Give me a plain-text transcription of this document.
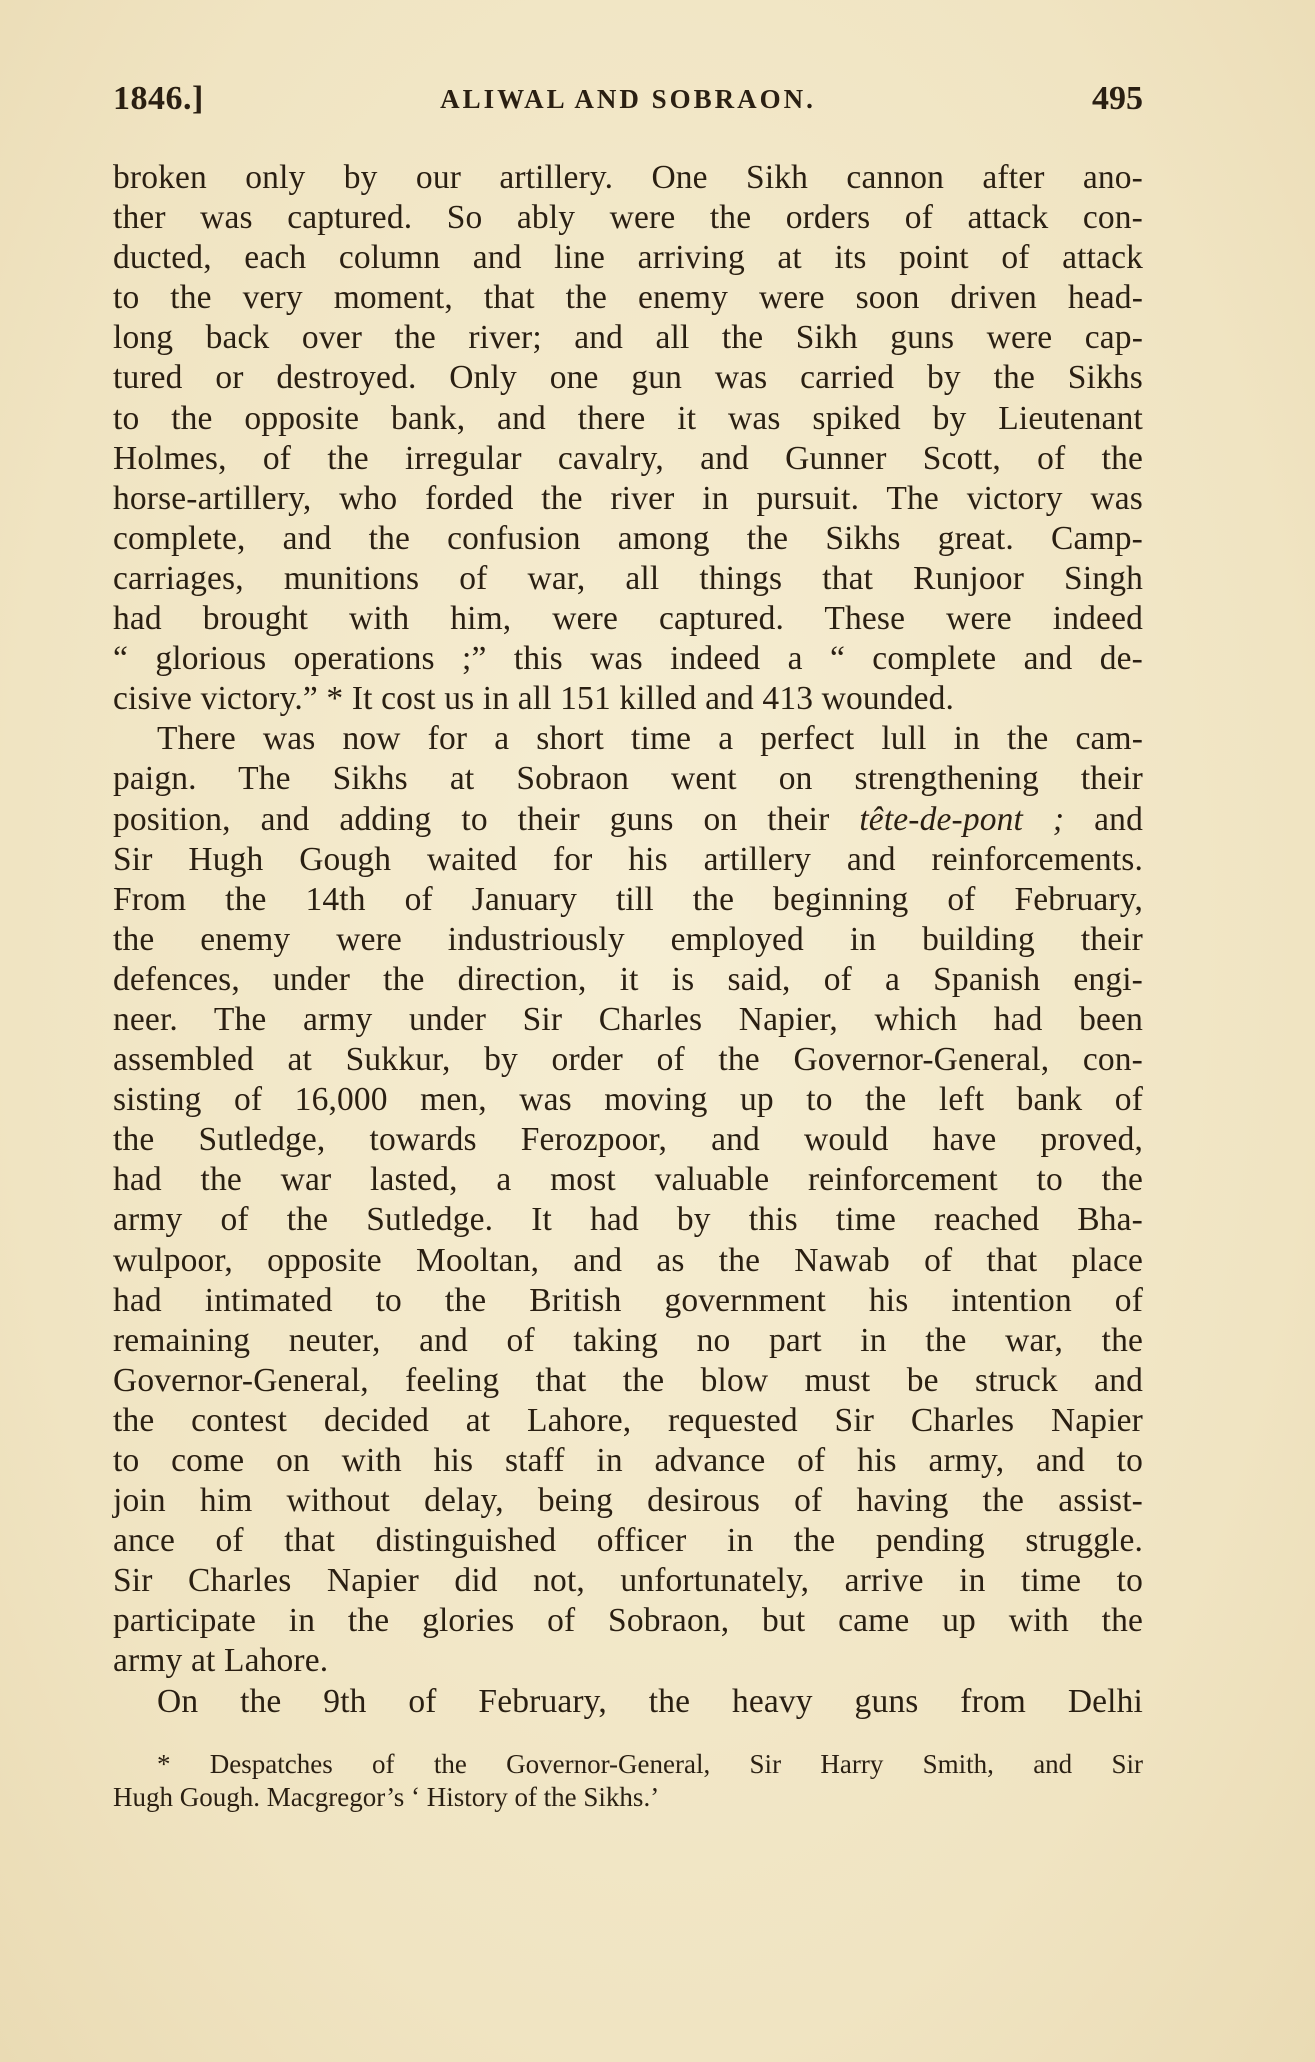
1846.]	ALIWAL AND SOBRAON.	495
broken only by our artillery. One Sikh cannon after ano-
ther was captured. So ably were the orders of attack con-
ducted, each column and line arriving at its point of attack
to the very moment, that the enemy were soon driven head-
long back over the river; and all the Sikh guns were cap-
tured or destroyed. Only one gun was carried by the Sikhs
to the opposite bank, and there it was spiked by Lieutenant
Holmes, of the irregular cavalry, and Gunner Scott, of the
horse-artillery, who forded the river in pursuit. The victory was
complete, and the confusion among the Sikhs great. Camp-
carriages, munitions of war, all things that Runjoor Singh
had brought with him, were captured. These were indeed
“ glorious operations ;” this was indeed a “ complete and de-
cisive victory.” * It cost us in all 151 killed and 413 wounded.
There was now for a short time a perfect lull in the cam-
paign. The Sikhs at Sobraon went on strengthening their
position, and adding to their guns on their tête-de-pont ; and
Sir Hugh Gough waited for his artillery and reinforcements.
From the 14th of January till the beginning of February,
the enemy were industriously employed in building their
defences, under the direction, it is said, of a Spanish engi-
neer. The army under Sir Charles Napier, which had been
assembled at Sukkur, by order of the Governor-General, con-
sisting of 16,000 men, was moving up to the left bank of
the Sutledge, towards Ferozpoor, and would have proved,
had the war lasted, a most valuable reinforcement to the
army of the Sutledge. It had by this time reached Bha-
wulpoor, opposite Mooltan, and as the Nawab of that place
had intimated to the British government his intention of
remaining neuter, and of taking no part in the war, the
Governor-General, feeling that the blow must be struck and
the contest decided at Lahore, requested Sir Charles Napier
to come on with his staff in advance of his army, and to
join him without delay, being desirous of having the assist-
ance of that distinguished officer in the pending struggle.
Sir Charles Napier did not, unfortunately, arrive in time to
participate in the glories of Sobraon, but came up with the
army at Lahore.
On the 9th of February, the heavy guns from Delhi
* Despatches of the Governor-General, Sir Harry Smith, and Sir
Hugh Gough. Macgregor’s ‘ History of the Sikhs.’
